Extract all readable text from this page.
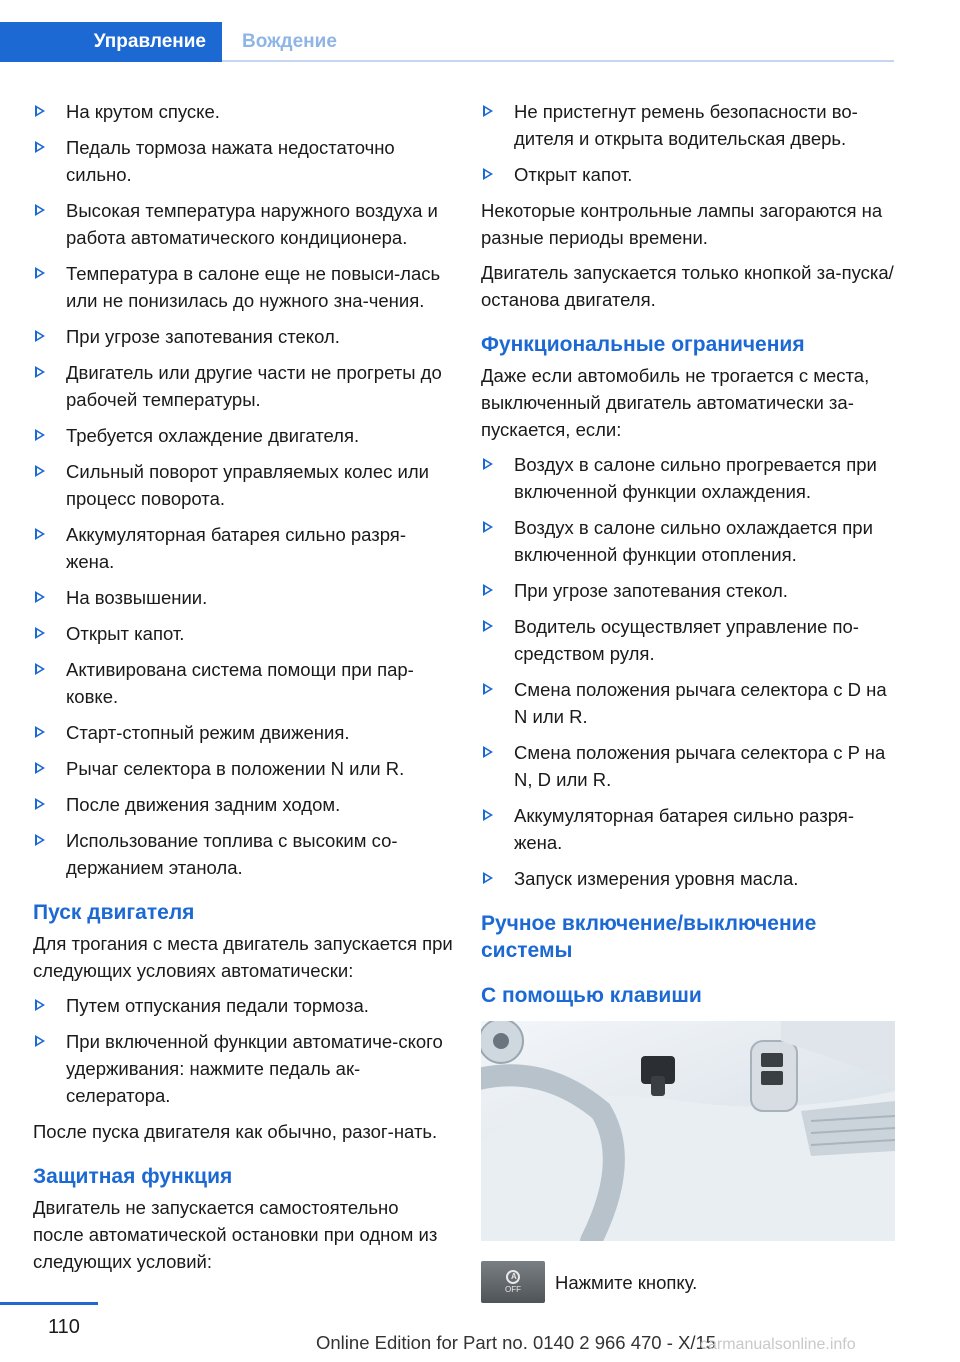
Управление	Вождение
На крутом спуске.
Педаль тормоза нажата недостаточно сильно.
Высокая температура наружного воздуха и работа автоматического кондиционера.
Температура в салоне еще не повыси-лась или не понизилась до нужного зна-чения.
При угрозе запотевания стекол.
Двигатель или другие части не прогреты до рабочей температуры.
Требуется охлаждение двигателя.
Сильный поворот управляемых колес или процесс поворота.
Аккумуляторная батарея сильно разря-жена.
На возвышении.
Открыт капот.
Активирована система помощи при пар-ковке.
Старт-стопный режим движения.
Рычаг селектора в положении N или R.
После движения задним ходом.
Использование топлива с высоким со-держанием этанола.
Пуск двигателя

Для трогания с места двигатель запускается при следующих условиях автоматически:

Путем отпускания педали тормоза.
При включенной функции автоматиче-ского удерживания: нажмите педаль ак-селератора.

После пуска двигателя как обычно, разог-нать.

Защитная функция

Двигатель не запускается самостоятельно после автоматической остановки при одном из следующих условий:

Не пристегнут ремень безопасности во-дителя и открыта водительская дверь.
Открыт капот.

Некоторые контрольные лампы загораются на разные периоды времени.

Двигатель запускается только кнопкой за-пуска/останова двигателя.

Функциональные ограничения

Даже если автомобиль не трогается с места, выключенный двигатель автоматически за-пускается, если:

Воздух в салоне сильно прогревается при включенной функции охлаждения.
Воздух в салоне сильно охлаждается при включенной функции отопления.
При угрозе запотевания стекол.
Водитель осуществляет управление по-средством руля.
Смена положения рычага селектора с D на N или R.
Смена положения рычага селектора с P на N, D или R.
Аккумуляторная батарея сильно разря-жена.
Запуск измерения уровня масла.
Ручное включение/выключение системы
С помощью клавиши
A
OFF Нажмите кнопку.
110
Online Edition for Part no. 0140 2 966 470 - X/15
carmanualsonline.info
